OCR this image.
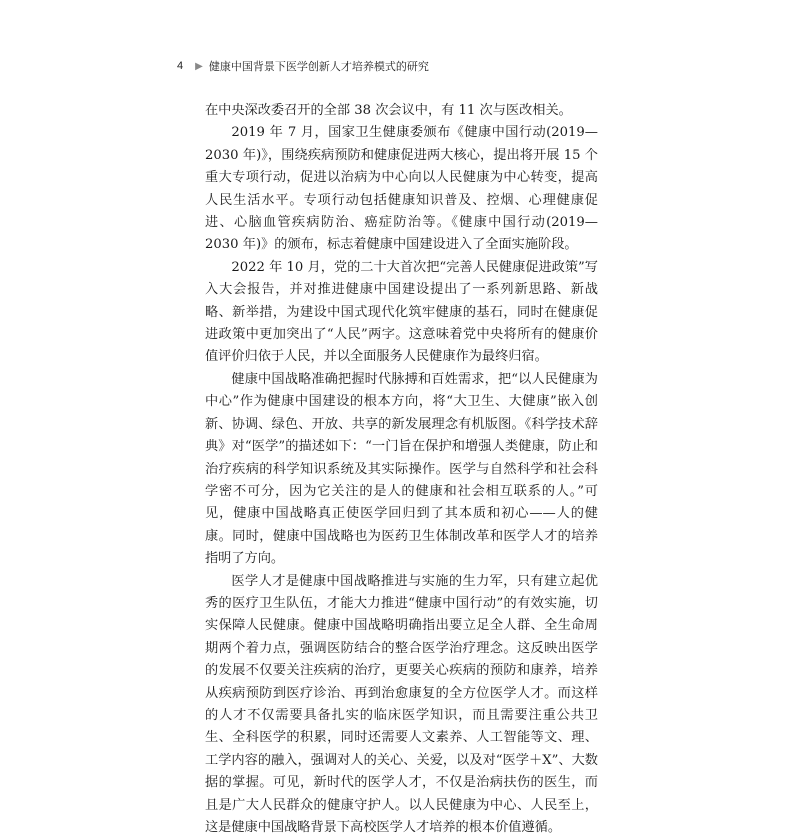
4 ▶ 健康中国背景下医学创新人才培养模式的研究

在中央深改委召开的全部 38 次会议中，有 11 次与医改相关。

2019 年 7 月，国家卫生健康委颁布《健康中国行动(2019—2030 年)》，围绕疾病预防和健康促进两大核心，提出将开展 15 个重大专项行动，促进以治病为中心向以人民健康为中心转变，提高人民生活水平。专项行动包括健康知识普及、控烟、心理健康促进、心脑血管疾病防治、癌症防治等。《健康中国行动(2019—2030 年)》的颁布，标志着健康中国建设进入了全面实施阶段。

2022 年 10 月，党的二十大首次把“完善人民健康促进政策”写入大会报告，并对推进健康中国建设提出了一系列新思路、新战略、新举措，为建设中国式现代化筑牢健康的基石，同时在健康促进政策中更加突出了“人民”两字。这意味着党中央将所有的健康价值评价归依于人民，并以全面服务人民健康作为最终归宿。

健康中国战略准确把握时代脉搏和百姓需求，把“以人民健康为中心”作为健康中国建设的根本方向，将“大卫生、大健康”嵌入创新、协调、绿色、开放、共享的新发展理念有机版图。《科学技术辞典》对“医学”的描述如下：“一门旨在保护和增强人类健康，防止和治疗疾病的科学知识系统及其实际操作。医学与自然科学和社会科学密不可分，因为它关注的是人的健康和社会相互联系的人。”可见，健康中国战略真正使医学回归到了其本质和初心——人的健康。同时，健康中国战略也为医药卫生体制改革和医学人才的培养指明了方向。

医学人才是健康中国战略推进与实施的生力军，只有建立起优秀的医疗卫生队伍，才能大力推进“健康中国行动”的有效实施，切实保障人民健康。健康中国战略明确指出要立足全人群、全生命周期两个着力点，强调医防结合的整合医学治疗理念。这反映出医学的发展不仅要关注疾病的治疗，更要关心疾病的预防和康养，培养从疾病预防到医疗诊治、再到治愈康复的全方位医学人才。而这样的人才不仅需要具备扎实的临床医学知识，而且需要注重公共卫生、全科医学的积累，同时还需要人文素养、人工智能等文、理、工学内容的融入，强调对人的关心、关爱，以及对“医学＋X”、大数据的掌握。可见，新时代的医学人才，不仅是治病扶伤的医生，而且是广大人民群众的健康守护人。以人民健康为中心、人民至上，这是健康中国战略背景下高校医学人才培养的根本价值遵循。
